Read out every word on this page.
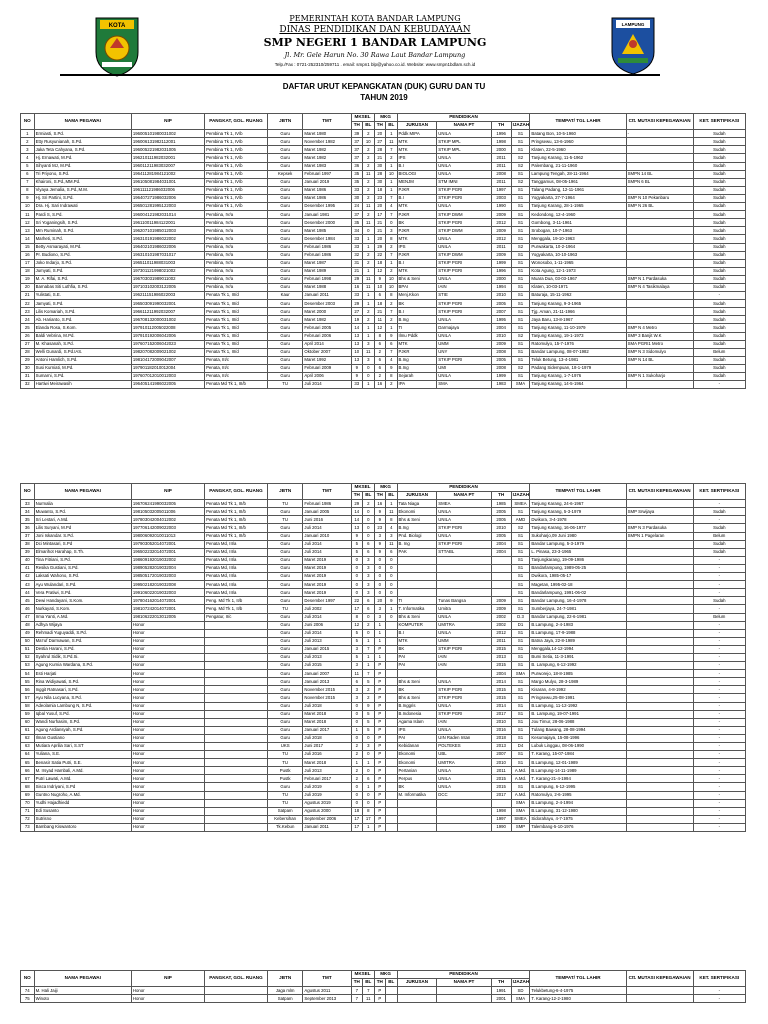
KOTA
PEMERINTAH KOTA BANDAR LAMPUNG
DINAS PENDIDIKAN DAN KEBUDAYAAN
SMP NEGERI 1 BANDAR LAMPUNG
Jl. Mr. Gele Harun No. 30 Rawa Laut Bandar Lampung
Telp./Fax : 0721-252310/259711 . email: smpn1 blp@yahoo.co.id. Website: www.smpn1bdlam.sch.id
LAMPUNG
DAFTAR URUT KEPANGKATAN (DUK) GURU DAN TU
TAHUN 2019
NO	NAMA PEGAWAI	NIP	PANGKAT, GOL. RUANG	JBTN	TMT	MKSEL		MKG		PENDIDIKAN				TEMPAT/ TGL LAHIR	Ctt. MUTASI KEPEGAWAIAN	KET. SERTIFIKASI
						TH	BL	TH	BL	JURUSAN	NAMA PT	TH	IJAZAH			
1	Ermiasti, S.Pd.	196005101980031002	Pembina Tk 1, IV/b	Guru	Maret 1980	39	2	20	1	Pddk MIPA	UNILA	1996	S1	Batang Bon, 10-5-1960	-	Sudah
2	Etty Rusyunianah, S.Pd.	196006131982112001	Pembina Tk 1, IV/b	Guru	November 1982	37	10	27	11	MTK	STKIP MPL	1998	S1	Pringsewu, 13-6-1960		Sudah
3	Jaka Teta Cahyana, S.Pd.	196005221982031005	Pembina Tk 1, IV/b	Guru	Maret 1982	37	2	28	7	MTK	STKIP MPL	2000	S1	Klaten, 22-5-1960		Sudah
4	Hj. Ernawati, M.Pd.	196210111982032001	Pembina Tk 1, IV/b	Guru	Maret 1982	37	2	21	2	IPS	UNILA	2011	S2	Tanjung Karang, 11-5-1962		Sudah
5	Sihyanti MJ, M.Pd.	196011211983032007	Pembina Tk 1, IV/b	Guru	Maret 1983	36	2	30	1	B.I	UNILA	2011	S2	Palembang, 21-11-1960		Sudah
6	Tri Priyono, S.Pd.	196411281984121002	Pembina Tk 1, IV/b	Kepsek	Februari 1997	35	11	28	10	BIOLOGI	UNILA	2008	S1	Lampung Tengah, 28-11-1964	SMPN 14 BL	Sudah
7	Khaironi, S.Pd.,MM.Pd.	196105081984031001	Pembina Tk 1, IV/b	Guru	Januari 2019	35	2	30	1	MENJM	STM IMNI	2011	S2	Tanggamus, 08-05-1961	SMPN 6 BL	Sudah
8	Viyaya Jemalia, S.Pd.,M.M.	196111121986032006	Pembina Tk 1, IV/b	Guru	Maret 1986	33	2	18	1	PJKR	STKIP PGRI	1997	S1	Talang Padang, 12-11-1961		Sudah
9	Hj. Sri Partini, S.Pd.	196407271986032006	Pembina Tk 1, IV/b	Guru	Maret 1986	30	2	23	7	B.I	STKIP PGRI	2003	S1	Yogyakarta, 27-7-1964	SMP N 10 Pekanbaru	Sudah
10	Dra. Hj. Sari Indrawati	196501281995122003	Pembina Tk 1, IV/b	Guru	Desember 1995	24	11	20	4	MTK	UNILA	1990	S1	Tanjung Karang, 28-1-1965	SMP N 26 BL	Sudah
11	Pardi S, S.Pd.	196004121982031014	Pembina, IV/a	Guru	Januari 1981	37	2	17	7	PJKR	STKIP DWM	2009	S1	Kedondong, 12-4-1960		Sudah
12	Sri Yoganingsih, S.Pd.	196110011984122001	Pembina, IV/a	Guru	Desember 2000	35	11	21	0	BK	STKIP PGRI	2012	S1	Gombong, 3-11-1961		Sudah
13	Mm Ruminah, S.Pd.	196207101985012003	Pembina, IV/a	Guru	Maret 1985	34	0	21	3	PJKR	STKIP DWM	2009	S1	Srobogan, 10-7-1963		Sudah
14	Marheti, S.Pd.	196310191986022002	Pembina, IV/a	Guru	Desember 1984	33	1	20	8	MTK	UNILA	2012	S1	Menggala, 19-10-1963		Sudah
15	Betty Asmarayati, M.Pd.	196402101986022006	Pembina, IV/a	Guru	Februari 1986	33	1	29	2	IPS	UNILA	2011	S2	Purwakarta, 10-2-1964		Sudah
16	Pr. Budiono, S.Pd.	196310101987031017	Pembina, IV/a	Guru	Februari 1986	32	2	22	7	PJKR	STKIP DWM	2009	S1	Yogyakarta, 10-10-1963		Sudah
17	Joko Indarjo, S.Pd.	196511011988031003	Pembina, IV/a	Guru	Maret 1987	31	2	18	1	B.I	STKIP PGRI	1999	S1	Wonosobo, 1-11-1965		Sudah
18	Jumyati, S.Pd.	197301121998021002	Pembina, IV/a	Guru	Maret 1989	21	1	12	2	MTK	STKIP PGRI	1996	S1	Kota Agung, 12-1-1973		Sudah
19	M. A. Rifai, S.Pd.	196703031989011002	Pembina, IV/a	Guru	Februari 1998	29	11	9	10	Bhs & Seni	UNILA	2000	S1	Muara Dua, 03-03-1967	SMP N 1 Pardasuka	Sudah
20	Barnabas Siti Luthfia, S.Pd.	197103102003122005	Pembina, IV/a	Guru	Maret 1988	16	11	10	10	BPAI	IAIN	1994	S1	Klaten, 10-03-1971	SMP N 4 Tasikmalaya	Sudah
21	Yulistati, S.E.	196211151986022003	Penata Tk 1, III/d	Kaur	Januari 2011	33	1	6	8	Menj.Kkon	STIE	2010	S1	Baturaja, 15-11-1962		-
22	Jamyati, S.Pd.	196503091990032001	Penata Tk 1, III/d	Guru	Desember 2003	29	1	18	2	BK	STKIP PGRI	2005	S1	Tanjung Karang, 9-3-1965		Sudah
23	Lilis Komariah, S.Pd.	196611211992032007	Penata Tk 1, III/d	Guru	Maret 2000	27	2	21	7	B.I	STKIP PGRI	2007	S1	Tjg. Aman, 21-11-1966		Sudah
24	Ab. Harianto, S.Pd.	196708132000031002	Penata Tk 1, III/d	Guru	Maret 1982	19	2	11	2	B.Ing	UNILA	1995	S1	Jaya Baru, 13-8-1967		Sudah
25	Elanda Rosa, S.Kom.	197910112005022008	Penata Tk 1, III/d	Guru	Februari 2005	14	1	12	1	TI	Darmajaya	2004	S1	Tanjung Karang, 11-10-1979	SMP N 4 Metro	Sudah
26	Baldi Vebrina, M.Pd.	197910192006042006	Penata Tk 1, III/d	Guru	Februari 2006	13	1	8	9	Ilmu Pddk	UNILA	2010	S2	Tanjung Karang, 19-1-1973	SMP 3 Banjit W.K	Sudah
27	M. Khasanah, S.Pd.	197607152006042023	Penata Tk 1, III/d	Guru	April 2014	13	3	6	6	MTK	UMM	2009	S1	Ratomulyo, 15-7-1976	SMA PGRI1 Metro	Sudah
28	Welli Gunardi, S.Pd.IAS.	198207082009021002	Penata Tk 1, III/d	Guru	Oktober 2007	10	11	2	7	PJKR	UNY	2008	S1	Bandar Lampung, 08-07-1982	SMP N 3 Sidomulyo	Belum
29	Antoni Hamlich, S.Pd.	198104172009042007	Penata, III/c	Guru	Maret 1992	13	3	6	4	B.Ing	STKIP PGRI	2005	S1	Teluk Betung, 13-4-1981	SMP N 14 BL	Sudah
30	Susi Kurniati, M.Pd.	197901182010012004	Penata, III/c	Guru	Februari 2009	9	0	6	9	B.Ing	UMI	2008	S2	Padang Sidempuan, 18-1-1979		Sudah
31	Sumarni, S.Pd.	197607012010012003	Penata, III/c	Guru	April 2006	9	0	2	8	Sejarah	UNILA	1999	S1	Tanjung Karang, 1-7-1976	SMP N 1 Sukoharjo	Sudah
32	Hartiwi Meirawasih	196405141986022005	Penata Md Tk 1, III/b	TU	Juli 2014	33	1	16	2	IPA	SMA	1983	SMA	Tanjung Karang, 14-5-1964		-
NO	NAMA PEGAWAI	NIP	PANGKAT, GOL. RUANG	JBTN	TMT	MKSEL		MKG		PENDIDIKAN				TEMPAT/ TGL LAHIR	Ctt. MUTASI KEPEGAWAIAN	KET. SERTIFIKASI
						TH	BL	TH	BL	JURUSAN	NAMA PT	TH	IJAZAH			
33	Nurmalia	196706241990032005	Penata Md Tk 1, III/b	TU	Februari 1986	29	2	16	1	Tata Niaga	SMEA	1985	SMEA	Tanjung Karang, 24-6-1967		-
34	Muwanto, S.Pd.	198105032005011006	Penata Md Tk 1, III/b	Guru	Januari 2005	14	0	9	11	Ekonomi	UNILA	2005	S1	Tanjung Karang, 5-3-1979	SMP Srwijaya	Sudah
35	Sri Lestari, A.Md.	197803042004012002	Penata Md Tk 1, III/b	TU	Juni 2016	14	0	9	8	Bhs & Seni	UNILA	2005	AMD	Dwikora, 3-4-1978		-
36	Lilis Suryani, M.Pd	197706142009022003	Penata Md Tk 1, III/b	Guru	Juli 2014	13	0	23	4	B.Ing	STKIP PGRI	2010	S2	Tanjung Karang, 16-06-1977	SMP N 3 Pardasuka	Sudah
37	Joni Iskandar. S.Pd.	198006092010011013	Penata Md Tk 1, III/b	Guru	Januari 2010	9	0	3	3	Pnd. Biologi	UNILA	2005	S1	Sukoharjo,09 Juni 1980	SMPN 1 Pagelaran	Belum
38	Dci Mintasari, S.Pd	197903052014072001	Penata Md, III/a	Guru	Juli 2014	5	6	9	11	B. Ing	STKIP PGRI	2004	S1	Bandar Lampung, 5-3-1979		Sudah
39	Elmarihot Harahap, S.Th.	196502232014072001	Penata Md, III/a	Guru	Juli 2014	5	6	9	6	PAK	STTABL	2004	S1	L. Pinasa, 23-3-1965		Sudah
40	Tina Fitriani, S.Pd.	198609192019032002	Penata Md, III/a	Guru	Maret 2019	0	3	0	0				S1	Tanjungkarang, 19-09-1986		-
41	Resika Gustiani, S.Pd.	198905282019032004	Penata Md, III/a	Guru	Maret 2019	0	3	0	0				S1	Bandarlampung, 1989-05-25		-
42	Laksati Wahono, S.Pd.	198505172019032003	Penata Md, III/a	Guru	Maret 2019	0	3	0	0				S1	Dwikora, 1985-05-17		-
43	Ayu Wulandari, S.Pd.	199502182019032008	Penata Md, III/a	Guru	Maret 2019	0	3	0	0				S1	Magetan, 1995-02-18		-
44	Vera Pratiwi, S.Pd.	199106022019032003	Penata Md, III/a	Guru	Maret 2019	0	3	0	0				S1	Bandarlampung, 1991-06-02		-
45	Dewi Handayani, S.Kom.	197804162014072001	Peng. Md Tk 1, II/b	Guru	Desember 1997	22	6	20	9	TI	Tunas Bangsa	2009	S1	Bandar Lampung, 16-4-1978		Sudah
46	Nurkayati, S.Kom.	198107242014072001	Peng. Md Tk 1, II/b	TU	Juli 2002	17	6	3	1	T. Informatika	Umitra	2009	S1	Sumberjaya, 24-7-1981		-
47	Irma Yanti, A.Md.	198106222013012005	Pengatur, II/c	Guru	Juli 2014	8	0	3	0	Bhs & Seni	UNILA	2002	D.3	Bandar Lampung, 22-6-1981		Belum
48	Adhya Wijaya	Honor		Guru	Juni 2006	12	2	1		KOMPUTER	UMITRA	2002	D1	B.Lampung, 2-4-1983		-
49	Rehmadi Yuguyaddi, S.Pd.	Honor		Guru	Juli 2014	5	0	1		B.I	UNILA	2012	S1	B.Lampung, 17-9-1988		-
50	Ma'ruf Darmawan, S.Pd.	Honor		Guru	Juli 2013	5	1	1		MTK	UMM	2011	S1	Batna Jaya, 22-8-1989		-
51	Destia Harani, S.Pd.	Honor		Guru	Januari 2015	3	7	P		BK	STKIP PGRI	2015	S1	Menggala,14-12-1994		-
52	Syahrul Sidik, S.Pd.Si.	Honor		Guru	Juli 2013	5	1	1		PAI	IAIN	2013	S1	Bumi Setia, 11-3-1991		-
53	Agung Kurnia Wardana, S.Pd.	Honor		Guru	Juli 2015	3	1	P		PAI	IAIN	2015	S1	B. Lampung, 6-12-1992		-
54	Esti Harjati	Honor		Guru	Januari 2007	11	7	P				2004	SMA	Purworejo, 18-8-1985		-
55	Rina Widiyawati, S.Pd.	Honor		Guru	Januari 2013	6	5	P		Bhs & Seni	UNILA	2014	S1	Margo Mulyo, 28-3-1989		-
56	Inggit Ratnasari, S.Pd.	Honor		Guru	November 2015	3	2	P		BK	STKIP PGRI	2015	S1	Kisaran, 4-8-1992		-
57	Ayu Nila Lucyana, S.Pd.	Honor		Guru	November 2015	3	2	P		Bhs & Seni	STKIP PGRI	2015	S1	Pringsewu,25-08-1991		-
58	Adeolamia Lambung N, S.Pd.	Honor		Guru	Juli 2018	0	9	P		B.Inggris	UNILA	2014	S1	B.Lampung, 11-12-1992		-
59	Iqbal Yusuf, S.Pd.	Honor		Guru	Maret 2018	0	5	P		B.Indonesia	STKIP PGRI	2017	S1	B. Lampung, 19-07-1991		-
60	Wandi Nurhasim, S.Pd.	Honor		Guru	Maret 2018	0	5	P		Agama Islam	IAIN	2010	S1	Jou Timur, 28-06-1988		-
61	Agung Ardiansyah, S.Pd.	Honor		Guru	Januari 2017	1	5	P		IPS	UNILA	2016	S1	Tulang Bawang, 28-08-1994		-
62	Ilman Gustiano	Honor		Guru	Juli 2018	0	0	P		PAI	UIN Raden Intan	2018	S1	Kesumajaya, 15-08-1996		-
63	Mutiara Aprilia Sari, S.ST	Honor		UKS	Juni 2017	2	3	P		Kebidanan	POLTEKES	2013	D4	Lubuk Linggau, 08-06-1990		-
64	Yuliana, S.E.	Honor		TU	Juli 2016	2	0	P		Ekonomi	UBL	2007	S1	T. Karang, 15-07-1984		-
65	Benasir Satia Putri, S.E.	Honor		TU	Maret 2018	1	1	P		Ekonomi	UMITRA	2010	S1	B.Lampung, 12-01-1989		-
66	M. Irsyad Hambali, A.Md.	Honor		Pustk	Juli 2013	2	0	P		Pertanian	UNILA	2011	A.Md.	B.Lampung-14-11-1989		-
67	Putri Lawati, A.Md.	Honor		Pustk	Februari 2017	2	6	P		Perpus	UNILA	2015	A.Md.	T. Karang-21-4-1994		-
68	Sisca Indriyani, S.Pd	Honor		Guru	Juli 2019	0	1	P		BK	UNILA	2015	S1	B.Lampung, 6-12-1995		-
69	Guntno Nugroho, A.Md.	Honor		TU	Juli 2019	0	0	P		M. Informatika	DCC	2017	A.Md.	Ratomulyo, 2-6-1995		-
70	Yudhi Hajadhiedd	Honor		TU	Agustus 2019	0	0	P					SMA	B.Lampung, 2-4-1994		-
71	Edi Susanto	Honor		Satpam	Agustus 2000	18	8	P				1998	SMA	B.Lampung, 31-12-1980		-
72	Sutrisno	Honor		Kebersihan	September 2006	17	17	P				1997	SMEA	Sidorahayu, 4-7-1975		-
73	Bambang Kiswantoro	Honor		Tk.Kebun	Januari 2011	17	1	P				1990	SMP	Talembang-5-10-1976		-
NO	NAMA PEGAWAI	NIP	PANGKAT, GOL. RUANG	JBTN	TMT	MKSEL		MKG		PENDIDIKAN				TEMPAT/ TGL LAHIR	Ctt. MUTASI KEPEGAWAIAN	KET. SERTIFIKASI
						TH	BL	TH	BL	JURUSAN	NAMA PT	TH	IJAZAH			
74	M. Hali Jaiji	Honor		Jaga mlm	Agustus 2011	7	7	P				1991	SD	Telukbetung-6-4-1975		-
75	Winoto	Honor		Satpam	September 2013	7	11	P				2001	SMA	T. Karang-12-2-1980		-
